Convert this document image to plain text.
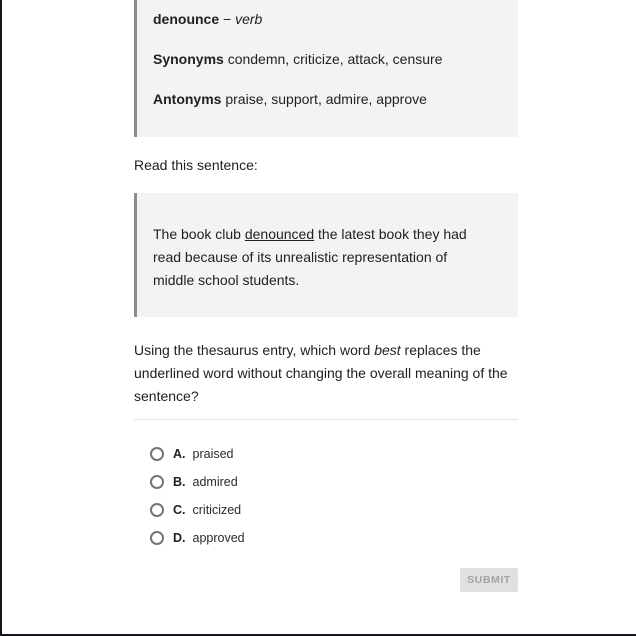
denounce − verb

Synonyms condemn, criticize, attack, censure

Antonyms praise, support, admire, approve

Read this sentence:

The book club denounced the latest book they had read because of its unrealistic representation of middle school students.

Using the thesaurus entry, which word best replaces the underlined word without changing the overall meaning of the sentence?

A. praised
B. admired
C. criticized
D. approved
SUBMIT
